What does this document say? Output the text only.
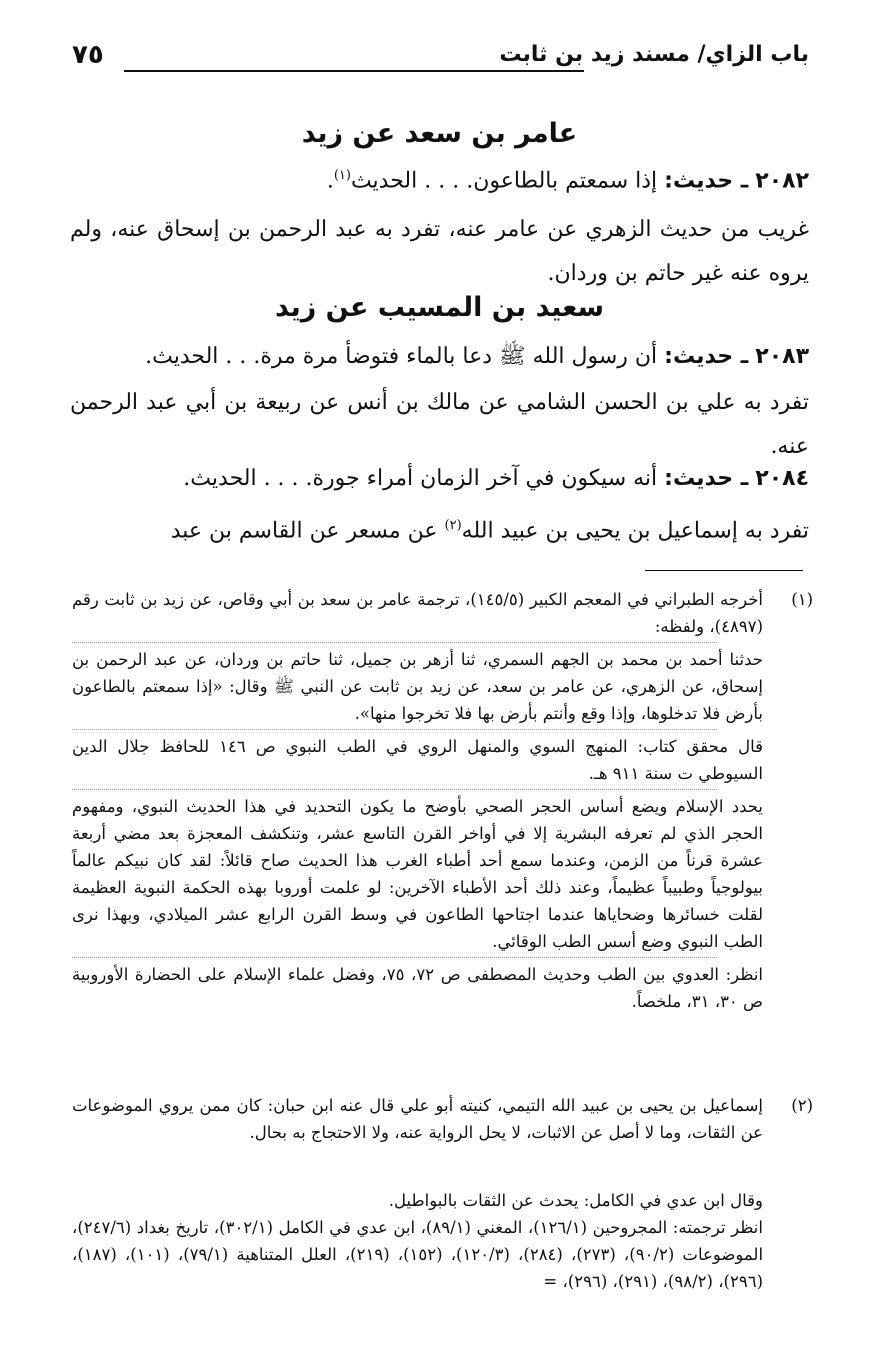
باب الزاي/ مسند زيد بن ثابت
٧٥
عامر بن سعد عن زيد
٢٠٨٢ ـ حديث: إذا سمعتم بالطاعون. . . . الحديث$^{(١)}$.
غريب من حديث الزهري عن عامر عنه، تفرد به عبد الرحمن بن إسحاق عنه، ولم يروه عنه غير حاتم بن وردان.
سعيد بن المسيب عن زيد
٢٠٨٣ ـ حديث: أن رسول الله ﷺ دعا بالماء فتوضأ مرة مرة. . . الحديث.
تفرد به علي بن الحسن الشامي عن مالك بن أنس عن ربيعة بن أبي عبد الرحمن عنه.
٢٠٨٤ ـ حديث: أنه سيكون في آخر الزمان أمراء جورة. . . . الحديث.
تفرد به إسماعيل بن يحيى بن عبيد الله$^{(٢)}$ عن مسعر عن القاسم بن عبد
(١)

أخرجه الطبراني في المعجم الكبير (١٤٥/٥)، ترجمة عامر بن سعد بن أبي وقاص، عن زيد بن ثابت رقم (٤٨٩٧)، ولفظه:

حدثنا أحمد بن محمد بن الجهم السمري، ثنا أزهر بن جميل، ثنا حاتم بن وردان، عن عبد الرحمن بن إسحاق، عن الزهري، عن عامر بن سعد، عن زيد بن ثابت عن النبي ﷺ وقال: «إذا سمعتم بالطاعون بأرض فلا تدخلوها، وإذا وقع وأنتم بأرض بها فلا تخرجوا منها».

قال محقق كتاب: المنهج السوي والمنهل الروي في الطب النبوي ص ١٤٦ للحافظ جلال الدين السيوطي ت سنة ٩١١ هـ.

يحدد الإسلام ويضع أساس الحجر الصحي بأوضح ما يكون التحديد في هذا الحديث النبوي، ومفهوم الحجر الذي لم تعرفه البشرية إلا في أواخر القرن التاسع عشر، وتنكشف المعجزة بعد مضي أربعة عشرة قرناً من الزمن، وعندما سمع أحد أطباء الغرب هذا الحديث صاح قائلاً: لقد كان نبيكم عالماً بيولوجياً وطبيباً عظيماً، وعند ذلك أحد الأطباء الآخرين: لو علمت أوروبا بهذه الحكمة النبوية العظيمة لقلت خسائرها وضحاياها عندما اجتاحها الطاعون في وسط القرن الرابع عشر الميلادي، وبهذا نرى الطب النبوي وضع أسس الطب الوقائي.

انظر: العدوي بين الطب وحديث المصطفى ص ٧٢، ٧٥، وفضل علماء الإسلام على الحضارة الأوروبية ص ٣٠، ٣١، ملخصاً.

(٢)

إسماعيل بن يحيى بن عبيد الله التيمي، كنيته أبو علي قال عنه ابن حبان: كان ممن يروي الموضوعات عن الثقات، وما لا أصل عن الاثبات، لا يحل الرواية عنه، ولا الاحتجاج به بحال.

وقال ابن عدي في الكامل: يحدث عن الثقات بالبواطيل.

انظر ترجمته: المجروحين (١٢٦/١)، المغني (٨٩/١)، ابن عدي في الكامل (٣٠٢/١)، تاريخ بغداد (٢٤٧/٦)، الموضوعات (٩٠/٢)، (٢٧٣)، (٢٨٤)، (١٢٠/٣)، (١٥٢)، (٢١٩)، العلل المتناهية (٧٩/١)، (١٠١)، (١٨٧)، (٢٩٦)، (٩٨/٢)، (٢٩١)، (٢٩٦)، =
